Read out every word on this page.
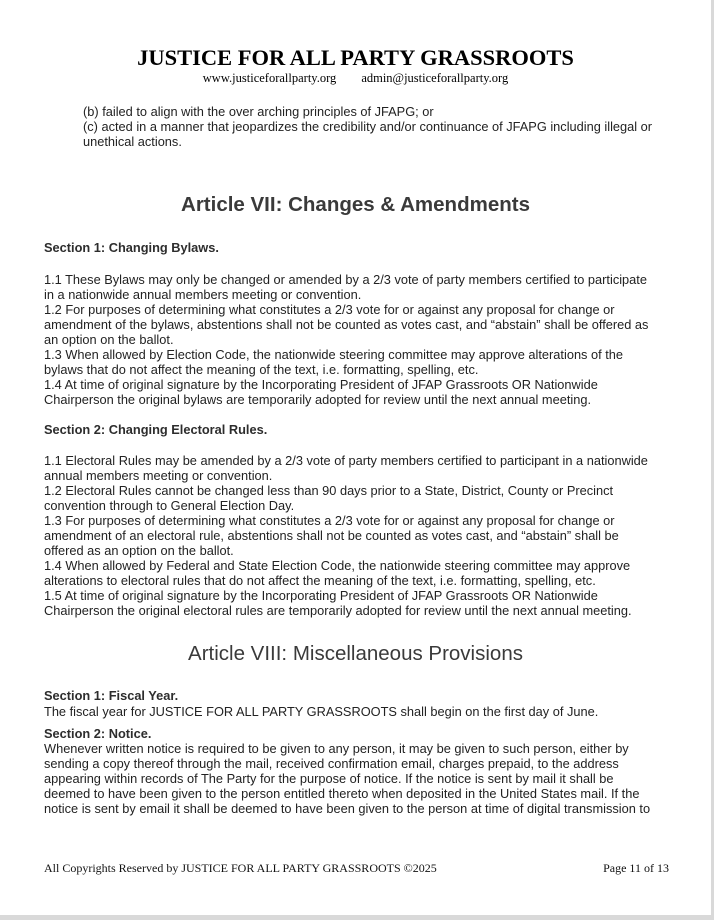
JUSTICE FOR ALL PARTY GRASSROOTS

www.justiceforallparty.org admin@justiceforallparty.org

(b) failed to align with the over arching principles of JFAPG; or

(c) acted in a manner that jeopardizes the credibility and/or continuance of JFAPG including illegal or

unethical actions.

Article VII: Changes & Amendments

Section 1: Changing Bylaws.

1.1 These Bylaws may only be changed or amended by a 2/3 vote of party members certified to participate

in a nationwide annual members meeting or convention.

1.2 For purposes of determining what constitutes a 2/3 vote for or against any proposal for change or

amendment of the bylaws, abstentions shall not be counted as votes cast, and “abstain” shall be offered as

an option on the ballot.

1.3 When allowed by Election Code, the nationwide steering committee may approve alterations of the

bylaws that do not affect the meaning of the text, i.e. formatting, spelling, etc.

1.4 At time of original signature by the Incorporating President of JFAP Grassroots OR Nationwide

Chairperson the original bylaws are temporarily adopted for review until the next annual meeting.

Section 2: Changing Electoral Rules.

1.1 Electoral Rules may be amended by a 2/3 vote of party members certified to participant in a nationwide

annual members meeting or convention.

1.2 Electoral Rules cannot be changed less than 90 days prior to a State, District, County or Precinct

convention through to General Election Day.

1.3 For purposes of determining what constitutes a 2/3 vote for or against any proposal for change or

amendment of an electoral rule, abstentions shall not be counted as votes cast, and “abstain” shall be

offered as an option on the ballot.

1.4 When allowed by Federal and State Election Code, the nationwide steering committee may approve

alterations to electoral rules that do not affect the meaning of the text, i.e. formatting, spelling, etc.

1.5 At time of original signature by the Incorporating President of JFAP Grassroots OR Nationwide

Chairperson the original electoral rules are temporarily adopted for review until the next annual meeting.

Article VIII: Miscellaneous Provisions

Section 1: Fiscal Year.

The fiscal year for JUSTICE FOR ALL PARTY GRASSROOTS shall begin on the first day of June.

Section 2: Notice.

Whenever written notice is required to be given to any person, it may be given to such person, either by

sending a copy thereof through the mail, received confirmation email, charges prepaid, to the address

appearing within records of The Party for the purpose of notice. If the notice is sent by mail it shall be

deemed to have been given to the person entitled thereto when deposited in the United States mail. If the

notice is sent by email it shall be deemed to have been given to the person at time of digital transmission to

All Copyrights Reserved by JUSTICE FOR ALL PARTY GRASSROOTS ©2025	Page 11 of 13
